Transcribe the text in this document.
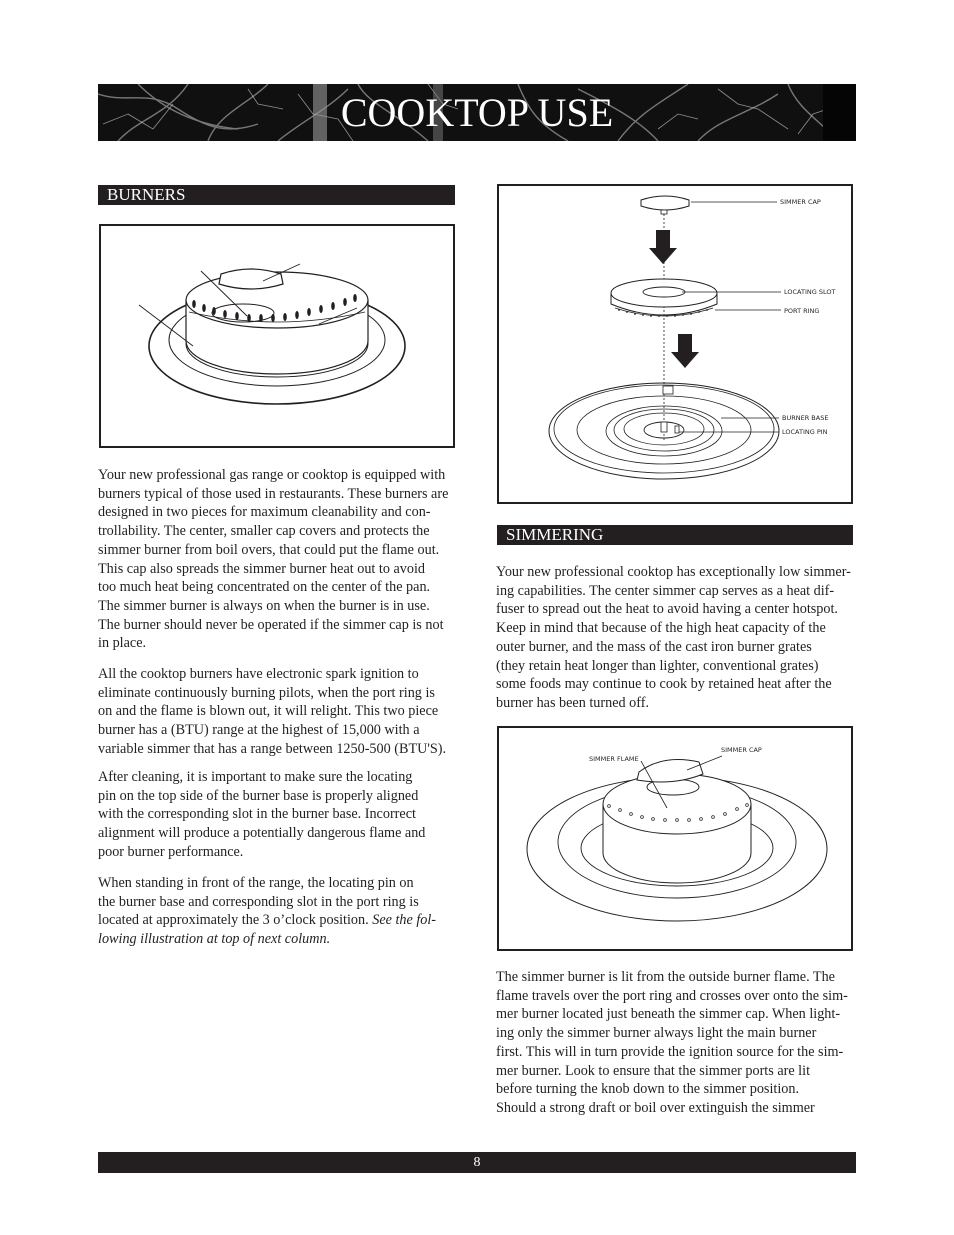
COOKTOP USE
BURNERS
Your new professional gas range or cooktop is equipped with
burners typical of those used in restaurants. These burners are
designed in two pieces for maximum cleanability and con-
trollability. The center, smaller cap covers and protects the
simmer burner from boil overs, that could put the flame out.
This cap also spreads the simmer burner heat out to avoid
too much heat being concentrated on the center of the pan.
The simmer burner is always on when the burner is in use.
The burner should never be operated if the simmer cap is not
in place.
All the cooktop burners have electronic spark ignition to
eliminate continuously burning pilots, when the port ring is
on and the flame is blown out, it will relight. This two piece
burner has a (BTU) range at the highest of 15,000 with a
variable simmer that has a range between 1250-500 (BTU'S).
After cleaning, it is important to make sure the locating
pin on the top side of the burner base is properly aligned
with the corresponding slot in the burner base. Incorrect
alignment will produce a potentially dangerous flame and
poor burner performance.
When standing in front of the range, the locating pin on
the burner base and corresponding slot in the port ring is
located at approximately the 3 o’clock position. See the fol-
lowing illustration at top of next column.
SIMMER CAP
LOCATING SLOT
PORT RING
BURNER BASE
LOCATING PIN
SIMMERING
Your new professional cooktop has exceptionally low simmer-
ing capabilities. The center simmer cap serves as a heat dif-
fuser to spread out the heat to avoid having a center hotspot.
Keep in mind that because of the high heat capacity of the
outer burner, and the mass of the cast iron burner grates
(they retain heat longer than lighter, conventional grates)
some foods may continue to cook by retained heat after the
burner has been turned off.
SIMMER FLAME
SIMMER CAP
The simmer burner is lit from the outside burner flame. The
flame travels over the port ring and crosses over onto the sim-
mer burner located just beneath the simmer cap. When light-
ing only the simmer burner always light the main burner
first. This will in turn provide the ignition source for the sim-
mer burner. Look to ensure that the simmer ports are lit
before turning the knob down to the simmer position.
Should a strong draft or boil over extinguish the simmer
8
